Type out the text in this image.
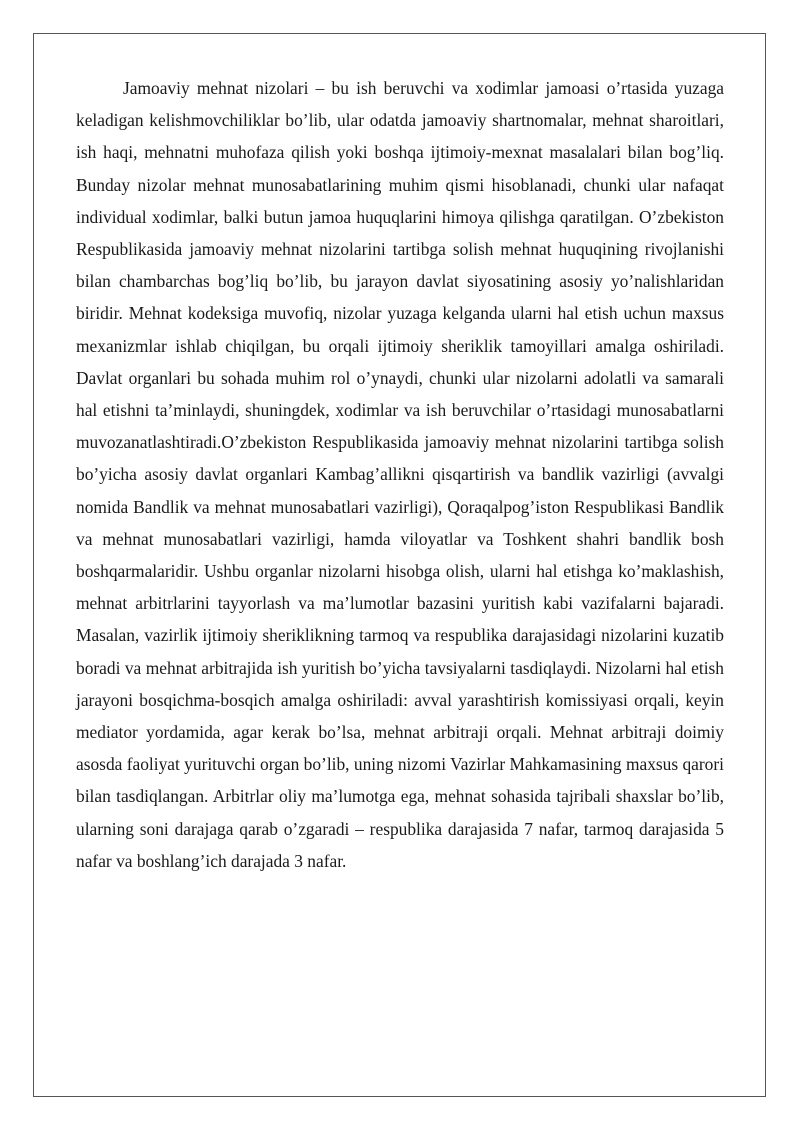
Jamoaviy mehnat nizolari – bu ish beruvchi va xodimlar jamoasi o’rtasida yuzaga keladigan kelishmovchiliklar bo’lib, ular odatda jamoaviy shartnomalar, mehnat sharoitlari, ish haqi, mehnatni muhofaza qilish yoki boshqa ijtimoiy-mexnat masalalari bilan bog’liq. Bunday nizolar mehnat munosabatlarining muhim qismi hisoblanadi, chunki ular nafaqat individual xodimlar, balki butun jamoa huquqlarini himoya qilishga qaratilgan. O’zbekiston Respublikasida jamoaviy mehnat nizolarini tartibga solish mehnat huquqining rivojlanishi bilan chambarchas bog’liq bo’lib, bu jarayon davlat siyosatining asosiy yo’nalishlaridan biridir. Mehnat kodeksiga muvofiq, nizolar yuzaga kelganda ularni hal etish uchun maxsus mexanizmlar ishlab chiqilgan, bu orqali ijtimoiy sheriklik tamoyillari amalga oshiriladi. Davlat organlari bu sohada muhim rol o’ynaydi, chunki ular nizolarni adolatli va samarali hal etishni ta’minlaydi, shuningdek, xodimlar va ish beruvchilar o’rtasidagi munosabatlarni muvozanatlashtiradi.O’zbekiston Respublikasida jamoaviy mehnat nizolarini tartibga solish bo’yicha asosiy davlat organlari Kambag’allikni qisqartirish va bandlik vazirligi (avvalgi nomida Bandlik va mehnat munosabatlari vazirligi), Qoraqalpog’iston Respublikasi Bandlik va mehnat munosabatlari vazirligi, hamda viloyatlar va Toshkent shahri bandlik bosh boshqarmalaridir. Ushbu organlar nizolarni hisobga olish, ularni hal etishga ko’maklashish, mehnat arbitrlarini tayyorlash va ma’lumotlar bazasini yuritish kabi vazifalarni bajaradi. Masalan, vazirlik ijtimoiy sheriklikning tarmoq va respublika darajasidagi nizolarini kuzatib boradi va mehnat arbitrajida ish yuritish bo’yicha tavsiyalarni tasdiqlaydi. Nizolarni hal etish jarayoni bosqichma-bosqich amalga oshiriladi: avval yarashtirish komissiyasi orqali, keyin mediator yordamida, agar kerak bo’lsa, mehnat arbitraji orqali. Mehnat arbitraji doimiy asosda faoliyat yurituvchi organ bo’lib, uning nizomi Vazirlar Mahkamasining maxsus qarori bilan tasdiqlangan. Arbitrlar oliy ma’lumotga ega, mehnat sohasida tajribali shaxslar bo’lib, ularning soni darajaga qarab o’zgaradi – respublika darajasida 7 nafar, tarmoq darajasida 5 nafar va boshlang’ich darajada 3 nafar.
